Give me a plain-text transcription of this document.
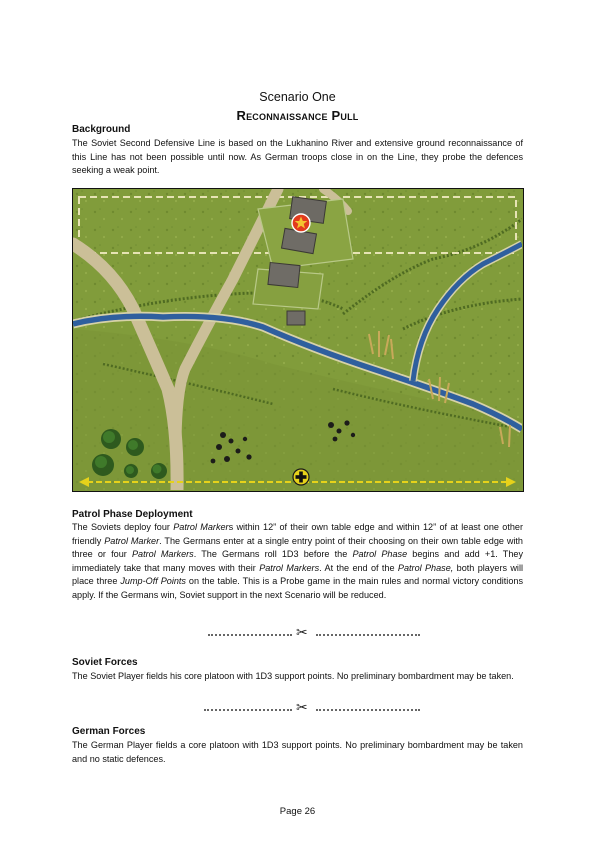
Scenario One
Reconnaissance Pull
Background
The Soviet Second Defensive Line is based on the Lukhanino River and extensive ground reconnaissance of this Line has not been possible until now. As German troops close in on the Line, they probe the defences seeking a weak point.
Patrol Phase Deployment
The Soviets deploy four Patrol Markers within 12” of their own table edge and within 12” of at least one other friendly Patrol Marker. The Germans enter at a single entry point of their choosing on their own table edge with three or four Patrol Markers. The Germans roll 1D3 before the Patrol Phase begins and add +1. They immediately take that many moves with their Patrol Markers. At the end of the Patrol Phase, both players will place three Jump-Off Points on the table. This is a Probe game in the main rules and normal victory conditions apply. If the Germans win, Soviet support in the next Scenario will be reduced.
✂
Soviet Forces
The Soviet Player fields his core platoon with 1D3 support points. No preliminary bombardment may be taken.
✂
German Forces
The German Player fields a core platoon with 1D3 support points. No preliminary bombardment may be taken and no static defences.
Page 26
